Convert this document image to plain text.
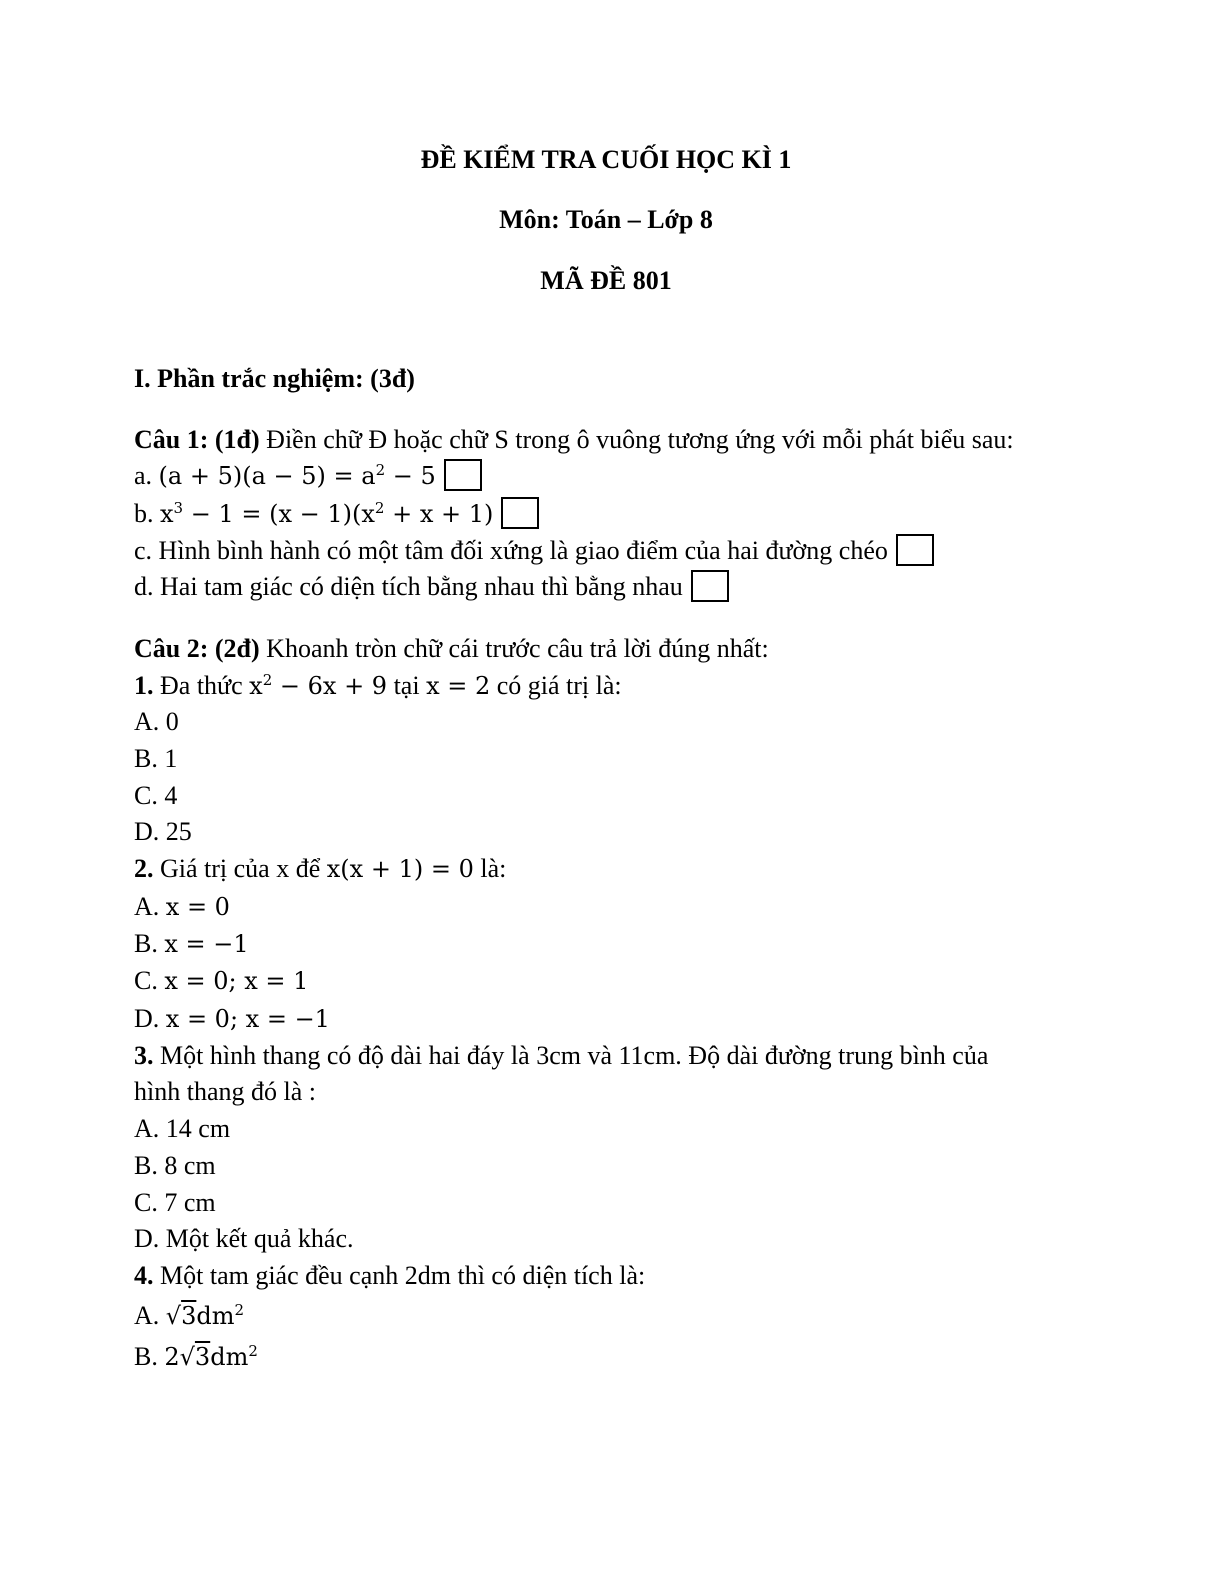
ĐỀ KIỂM TRA CUỐI HỌC KÌ 1
Môn: Toán – Lớp 8
MÃ ĐỀ 801
I. Phần trắc nghiệm: (3đ)
Câu 1: (1đ) Điền chữ Đ hoặc chữ S trong ô vuông tương ứng với mỗi phát biểu sau:
a. $(a + 5)(a - 5) = a^2 - 5$
b. $x^3 - 1 = (x - 1)(x^2 + x + 1)$
c. Hình bình hành có một tâm đối xứng là giao điểm của hai đường chéo
d. Hai tam giác có diện tích bằng nhau thì bằng nhau
Câu 2: (2đ) Khoanh tròn chữ cái trước câu trả lời đúng nhất:
1. Đa thức $x^2 - 6x + 9$ tại x = 2 có giá trị là:
A. 0
B. 1
C. 4
D. 25
2. Giá trị của x để x(x + 1) = 0 là:
A. x = 0
B. x = −1
C. x = 0; x = 1
D. x = 0; x = −1
3. Một hình thang có độ dài hai đáy là 3cm và 11cm. Độ dài đường trung bình của
hình thang đó là :
A. 14 cm
B. 8 cm
C. 7 cm
D. Một kết quả khác.
4. Một tam giác đều cạnh 2dm thì có diện tích là:
A. $√3dm^2$
B. $2√3dm^2$
